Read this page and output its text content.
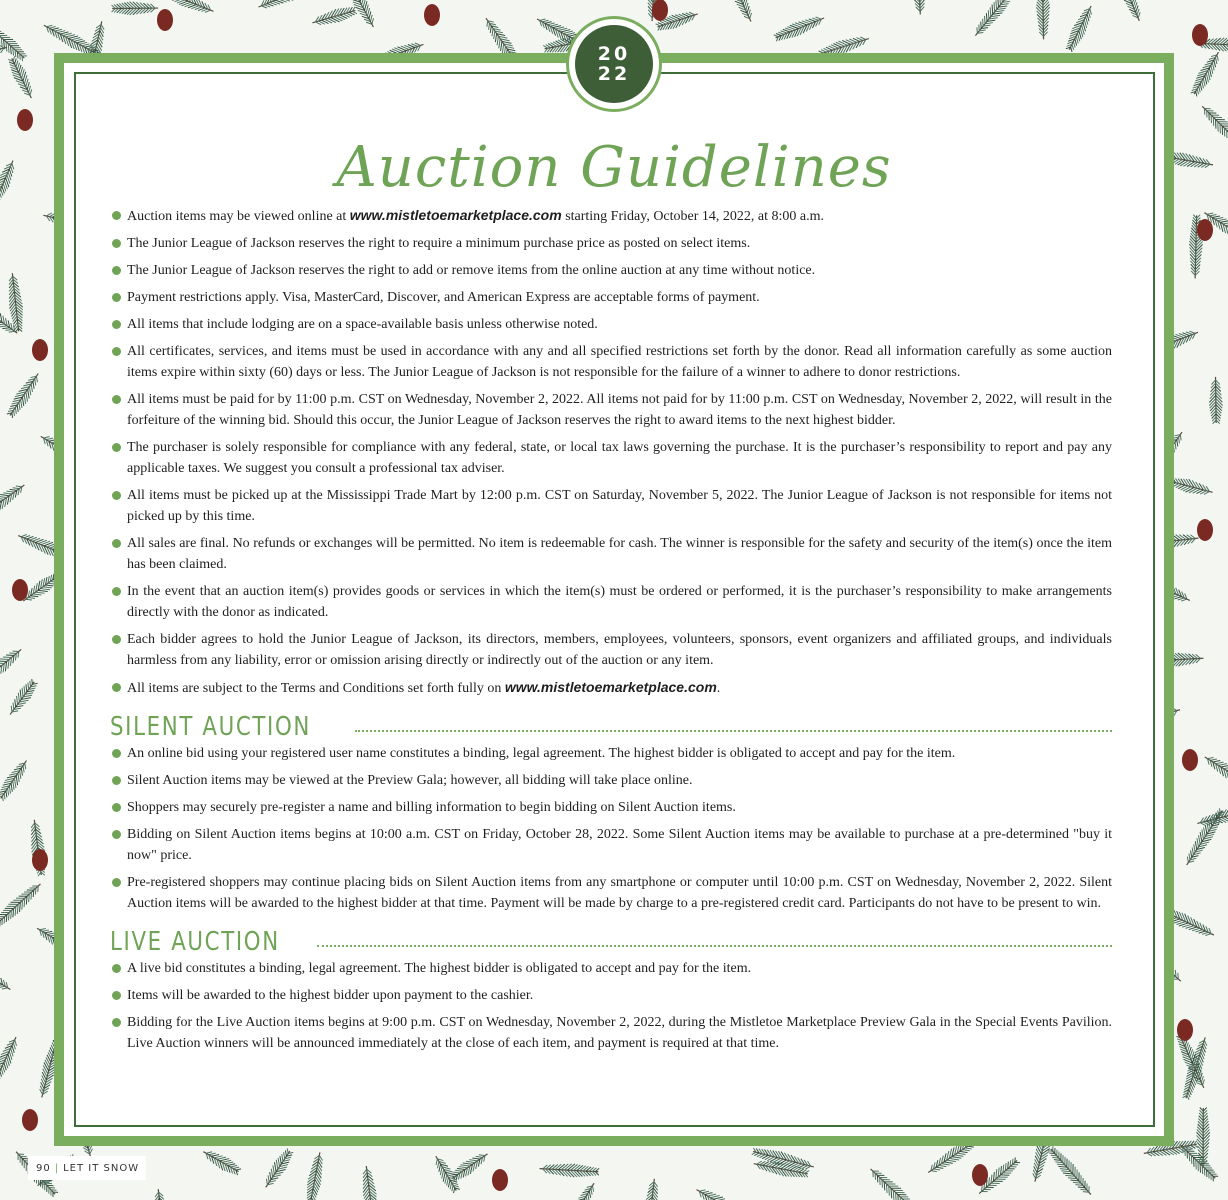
20
22
Auction Guidelines
Auction items may be viewed online at www.mistletoemarketplace.com starting Friday, October 14, 2022, at 8:00 a.m.
The Junior League of Jackson reserves the right to require a minimum purchase price as posted on select items.
The Junior League of Jackson reserves the right to add or remove items from the online auction at any time without notice.
Payment restrictions apply. Visa, MasterCard, Discover, and American Express are acceptable forms of payment.
All items that include lodging are on a space-available basis unless otherwise noted.
All certificates, services, and items must be used in accordance with any and all specified restrictions set forth by the donor. Read all information carefully as some auction items expire within sixty (60) days or less. The Junior League of Jackson is not responsible for the failure of a winner to adhere to donor restrictions.
All items must be paid for by 11:00 p.m. CST on Wednesday, November 2, 2022. All items not paid for by 11:00 p.m. CST on Wednesday, November 2, 2022, will result in the forfeiture of the winning bid. Should this occur, the Junior League of Jackson reserves the right to award items to the next highest bidder.
The purchaser is solely responsible for compliance with any federal, state, or local tax laws governing the purchase. It is the purchaser’s responsibility to report and pay any applicable taxes. We suggest you consult a professional tax adviser.
All items must be picked up at the Mississippi Trade Mart by 12:00 p.m. CST on Saturday, November 5, 2022. The Junior League of Jackson is not responsible for items not picked up by this time.
All sales are final. No refunds or exchanges will be permitted. No item is redeemable for cash. The winner is responsible for the safety and security of the item(s) once the item has been claimed.
In the event that an auction item(s) provides goods or services in which the item(s) must be ordered or performed, it is the purchaser’s responsibility to make arrangements directly with the donor as indicated.
Each bidder agrees to hold the Junior League of Jackson, its directors, members, employees, volunteers, sponsors, event organizers and affiliated groups, and individuals harmless from any liability, error or omission arising directly or indirectly out of the auction or any item.
All items are subject to the Terms and Conditions set forth fully on www.mistletoemarketplace.com.
SILENT AUCTION
An online bid using your registered user name constitutes a binding, legal agreement. The highest bidder is obligated to accept and pay for the item.
Silent Auction items may be viewed at the Preview Gala; however, all bidding will take place online.
Shoppers may securely pre-register a name and billing information to begin bidding on Silent Auction items.
Bidding on Silent Auction items begins at 10:00 a.m. CST on Friday, October 28, 2022. Some Silent Auction items may be available to purchase at a pre-determined "buy it now" price.
Pre-registered shoppers may continue placing bids on Silent Auction items from any smartphone or computer until 10:00 p.m. CST on Wednesday, November 2, 2022. Silent Auction items will be awarded to the highest bidder at that time. Payment will be made by charge to a pre-registered credit card. Participants do not have to be present to win.
LIVE AUCTION
A live bid constitutes a binding, legal agreement. The highest bidder is obligated to accept and pay for the item.
Items will be awarded to the highest bidder upon payment to the cashier.
Bidding for the Live Auction items begins at 9:00 p.m. CST on Wednesday, November 2, 2022, during the Mistletoe Marketplace Preview Gala in the Special Events Pavilion. Live Auction winners will be announced immediately at the close of each item, and payment is required at that time.
90 | LET IT SNOW
